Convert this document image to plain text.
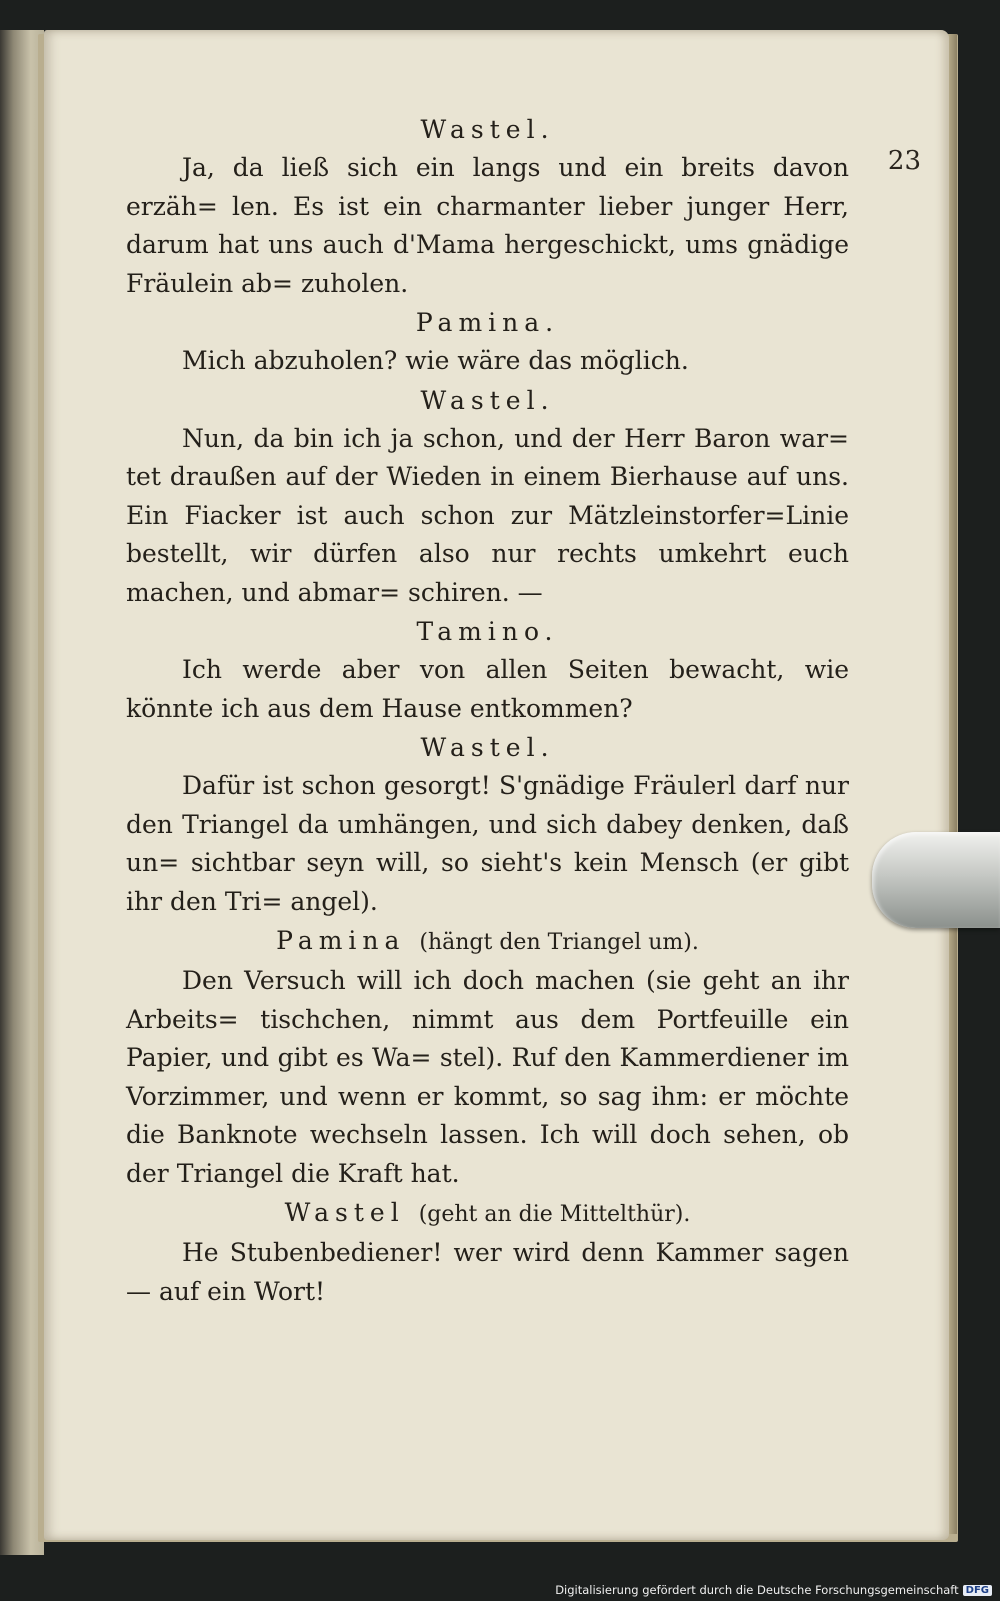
23

Wastel.

Ja, da ließ sich ein langs und ein breits davon erzäh= len. Es ist ein charmanter lieber junger Herr, darum hat uns auch d'Mama hergeschickt, ums gnädige Fräulein ab= zuholen.

Pamina.

Mich abzuholen? wie wäre das möglich.

Wastel.

Nun, da bin ich ja schon, und der Herr Baron war= tet draußen auf der Wieden in einem Bierhause auf uns. Ein Fiacker ist auch schon zur Mätzleinstorfer=Linie bestellt, wir dürfen also nur rechts umkehrt euch machen, und abmar= schiren. —

Tamino.

Ich werde aber von allen Seiten bewacht, wie könnte ich aus dem Hause entkommen?

Wastel.

Dafür ist schon gesorgt! S'gnädige Fräulerl darf nur den Triangel da umhängen, und sich dabey denken, daß un= sichtbar seyn will, so sieht's kein Mensch (er gibt ihr den Tri= angel).

Pamina (hängt den Triangel um).

Den Versuch will ich doch machen (sie geht an ihr Arbeits= tischchen, nimmt aus dem Portfeuille ein Papier, und gibt es Wa= stel). Ruf den Kammerdiener im Vorzimmer, und wenn er kommt, so sag ihm: er möchte die Banknote wechseln lassen. Ich will doch sehen, ob der Triangel die Kraft hat.

Wastel (geht an die Mittelthür).

He Stubenbediener! wer wird denn Kammer sagen — auf ein Wort!

Digitalisierung gefördert durch die Deutsche Forschungsgemeinschaft DFG
